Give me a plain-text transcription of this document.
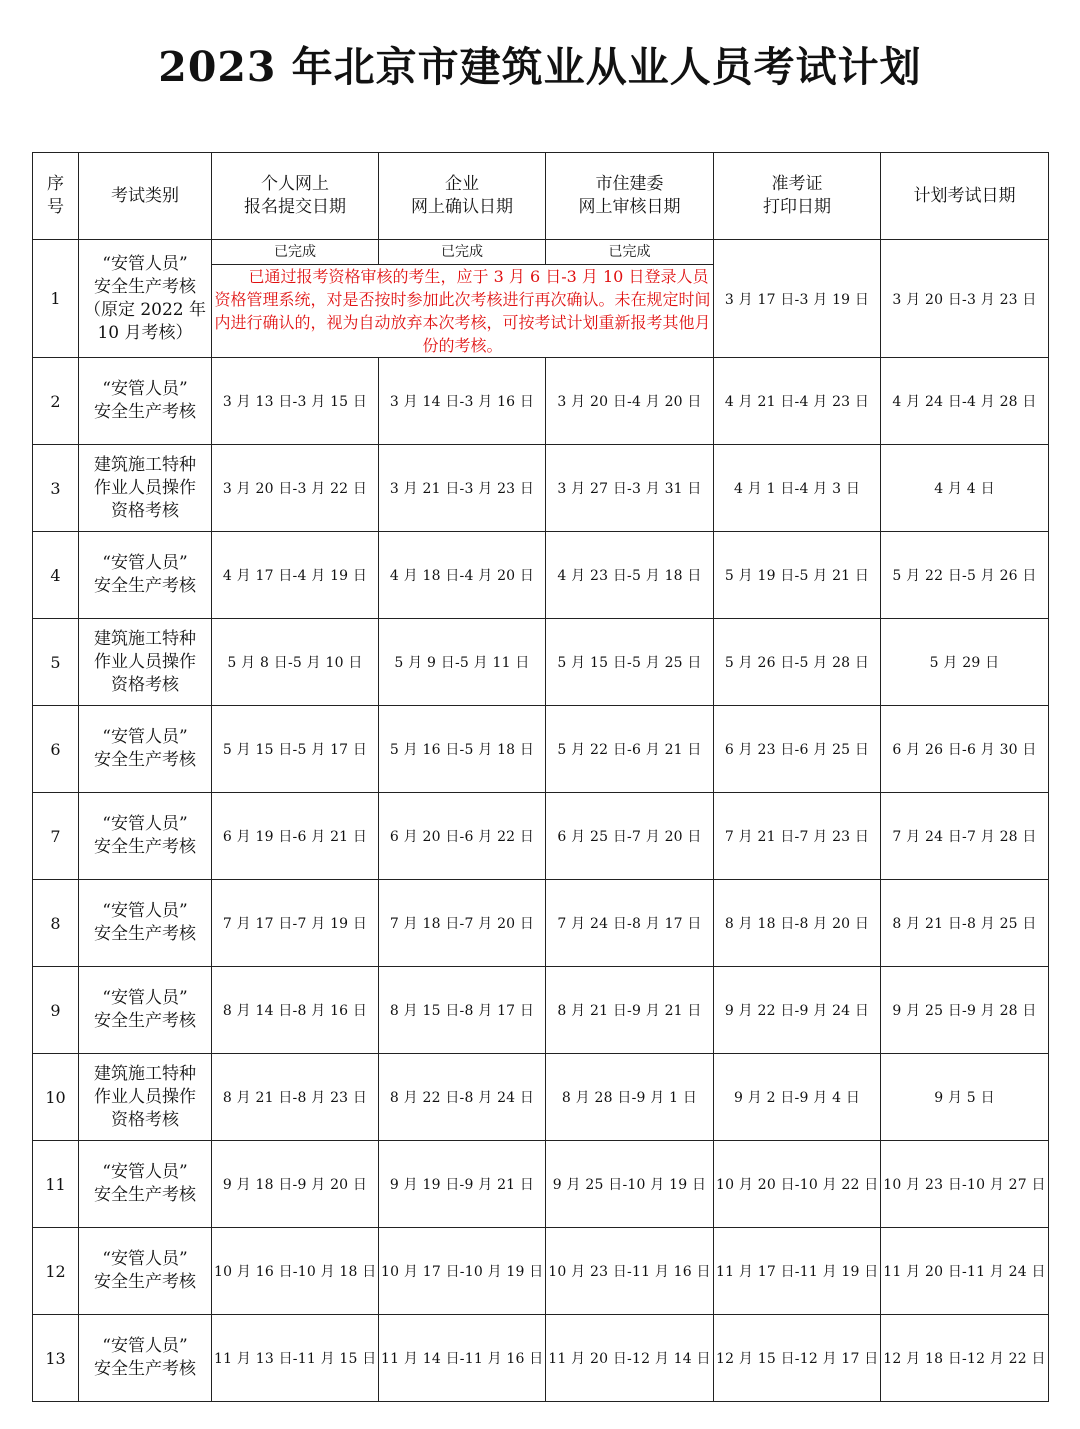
2023 年北京市建筑业从业人员考试计划
序
号	考试类别	个人网上
报名提交日期	企业
网上确认日期	市住建委
网上审核日期	准考证
打印日期	计划考试日期
1	“安管人员”
安全生产考核
（原定 2022 年
10 月考核）	已完成	已完成	已完成	3 月 17 日-3 月 19 日	3 月 20 日-3 月 23 日
		已通过报考资格审核的考生，应于 3 月 6 日-3 月 10 日登录人员资格管理系统，对是否按时参加此次考核进行再次确认。未在规定时间内进行确认的，视为自动放弃本次考核，可按考试计划重新报考其他月份的考核。				
2	“安管人员”
安全生产考核	3 月 13 日-3 月 15 日	3 月 14 日-3 月 16 日	3 月 20 日-4 月 20 日	4 月 21 日-4 月 23 日	4 月 24 日-4 月 28 日
3	建筑施工特种
作业人员操作
资格考核	3 月 20 日-3 月 22 日	3 月 21 日-3 月 23 日	3 月 27 日-3 月 31 日	4 月 1 日-4 月 3 日	4 月 4 日
4	“安管人员”
安全生产考核	4 月 17 日-4 月 19 日	4 月 18 日-4 月 20 日	4 月 23 日-5 月 18 日	5 月 19 日-5 月 21 日	5 月 22 日-5 月 26 日
5	建筑施工特种
作业人员操作
资格考核	5 月 8 日-5 月 10 日	5 月 9 日-5 月 11 日	5 月 15 日-5 月 25 日	5 月 26 日-5 月 28 日	5 月 29 日
6	“安管人员”
安全生产考核	5 月 15 日-5 月 17 日	5 月 16 日-5 月 18 日	5 月 22 日-6 月 21 日	6 月 23 日-6 月 25 日	6 月 26 日-6 月 30 日
7	“安管人员”
安全生产考核	6 月 19 日-6 月 21 日	6 月 20 日-6 月 22 日	6 月 25 日-7 月 20 日	7 月 21 日-7 月 23 日	7 月 24 日-7 月 28 日
8	“安管人员”
安全生产考核	7 月 17 日-7 月 19 日	7 月 18 日-7 月 20 日	7 月 24 日-8 月 17 日	8 月 18 日-8 月 20 日	8 月 21 日-8 月 25 日
9	“安管人员”
安全生产考核	8 月 14 日-8 月 16 日	8 月 15 日-8 月 17 日	8 月 21 日-9 月 21 日	9 月 22 日-9 月 24 日	9 月 25 日-9 月 28 日
10	建筑施工特种
作业人员操作
资格考核	8 月 21 日-8 月 23 日	8 月 22 日-8 月 24 日	8 月 28 日-9 月 1 日	9 月 2 日-9 月 4 日	9 月 5 日
11	“安管人员”
安全生产考核	9 月 18 日-9 月 20 日	9 月 19 日-9 月 21 日	9 月 25 日-10 月 19 日	10 月 20 日-10 月 22 日	10 月 23 日-10 月 27 日
12	“安管人员”
安全生产考核	10 月 16 日-10 月 18 日	10 月 17 日-10 月 19 日	10 月 23 日-11 月 16 日	11 月 17 日-11 月 19 日	11 月 20 日-11 月 24 日
13	“安管人员”
安全生产考核	11 月 13 日-11 月 15 日	11 月 14 日-11 月 16 日	11 月 20 日-12 月 14 日	12 月 15 日-12 月 17 日	12 月 18 日-12 月 22 日
